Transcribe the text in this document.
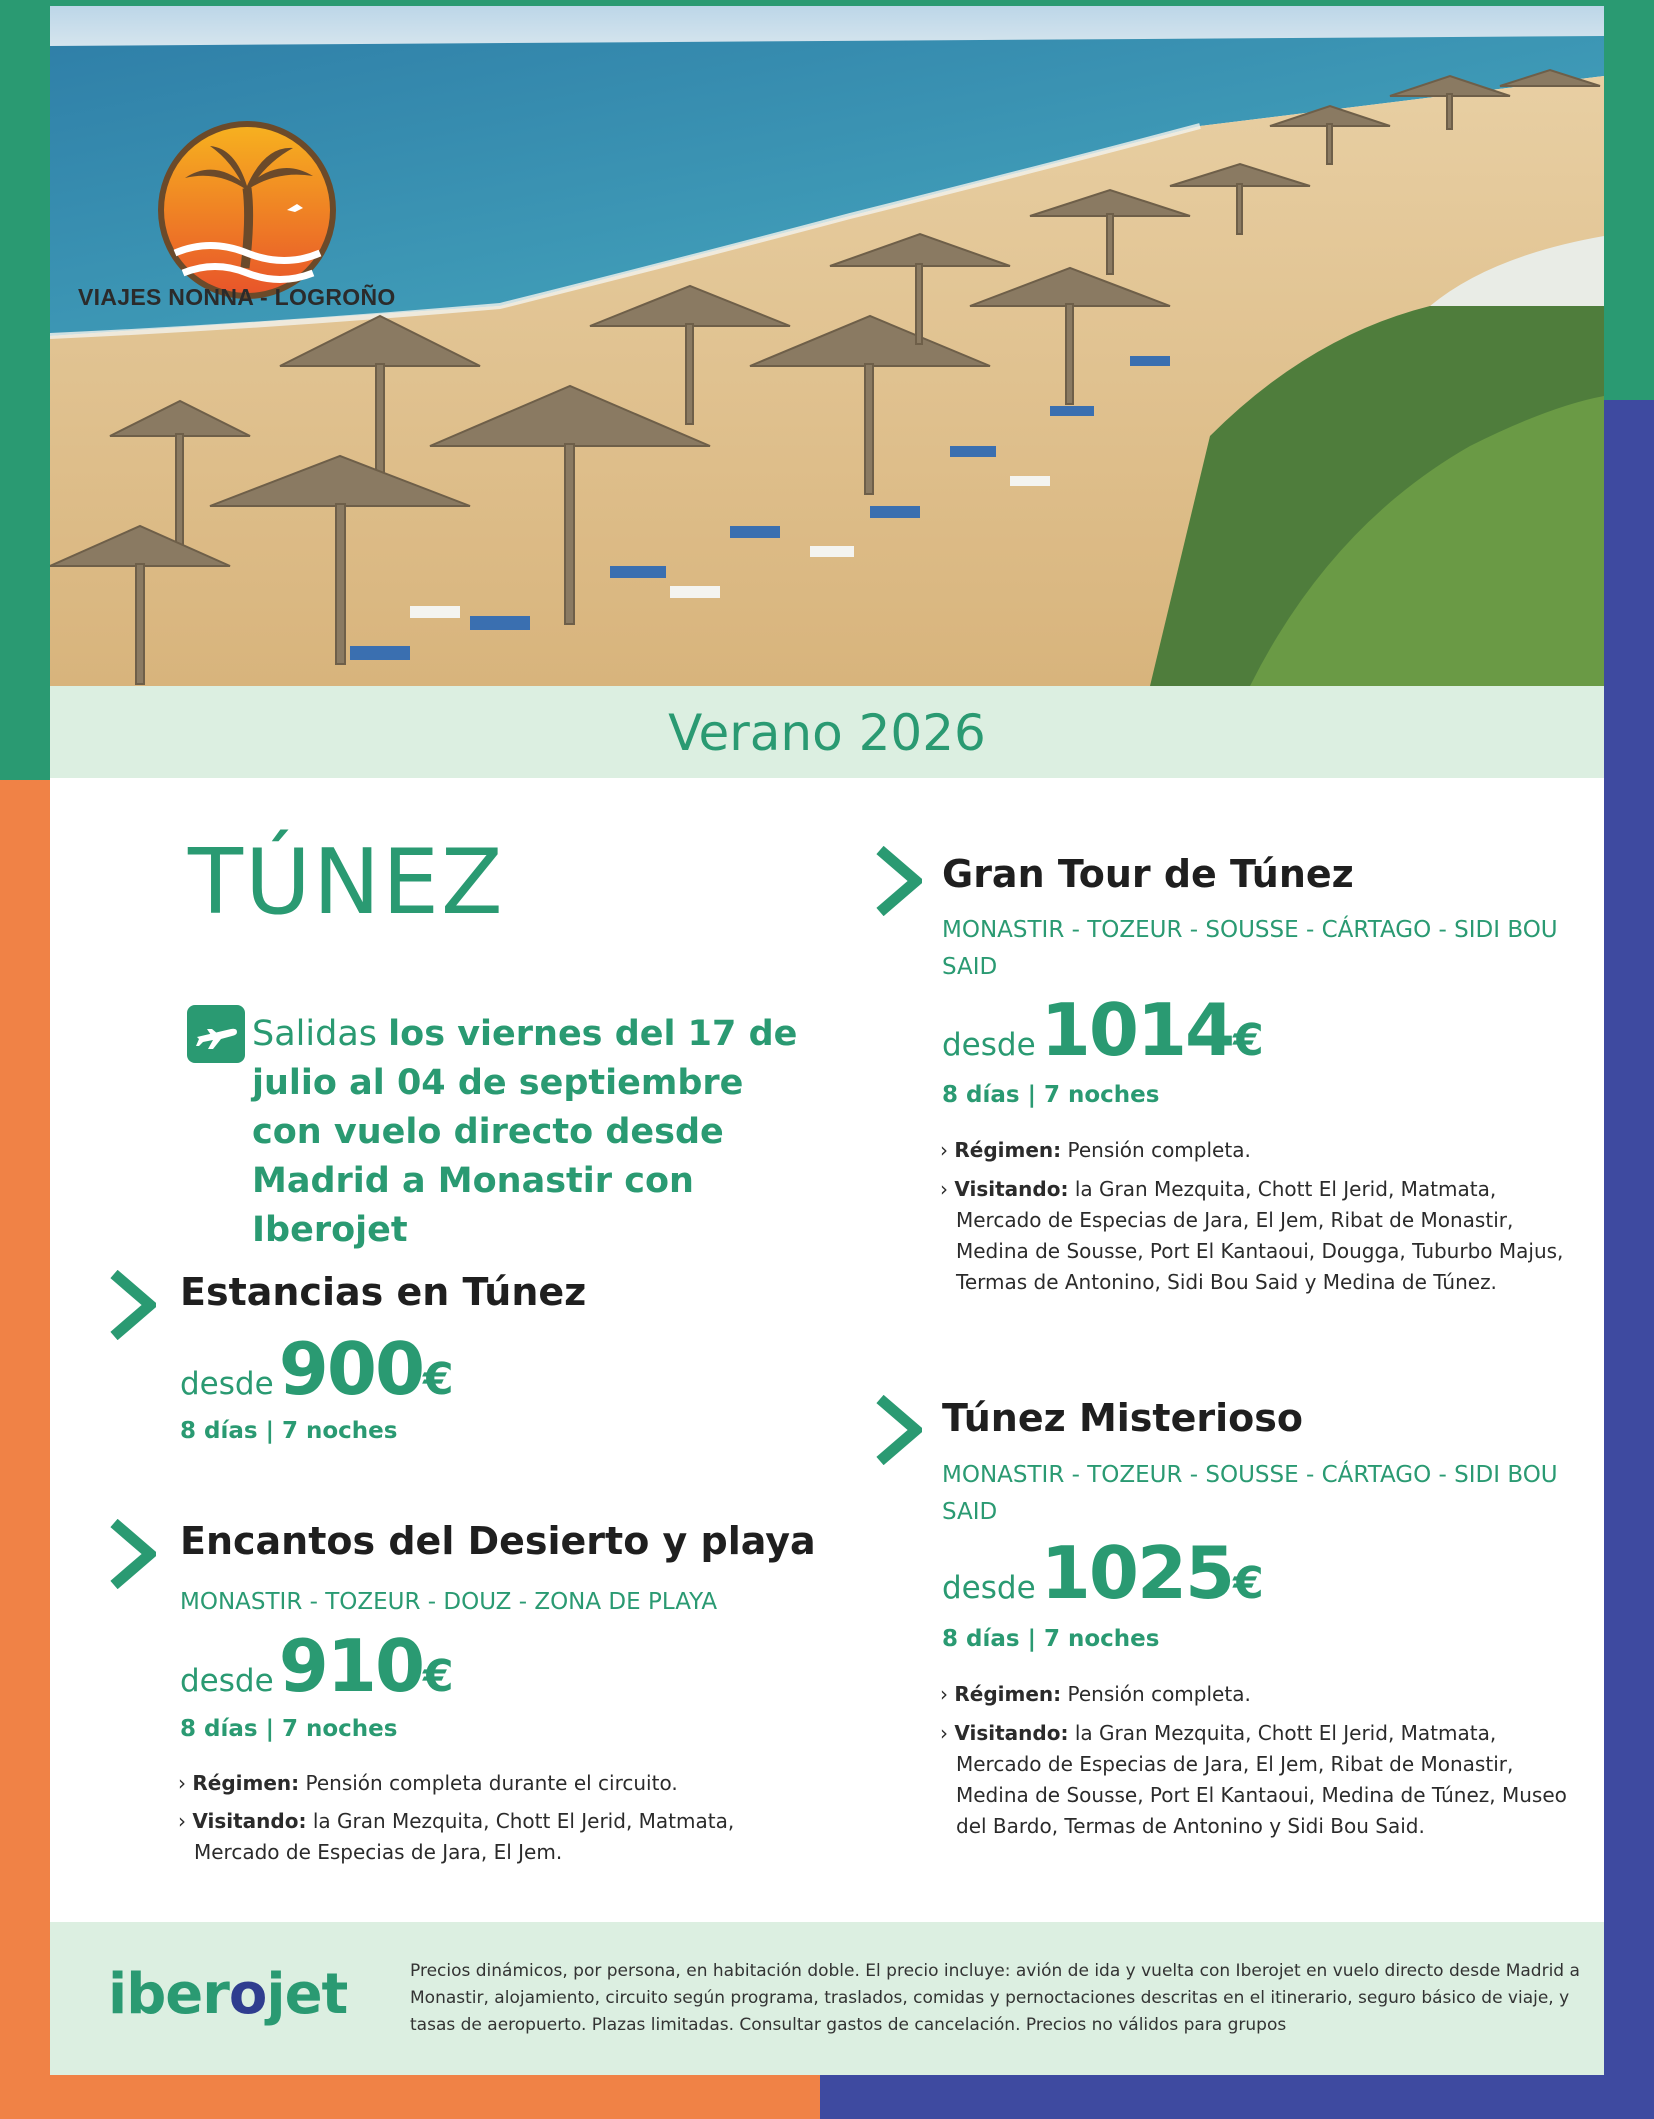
VIAJES NONNA - LOGROÑO
Verano 2026
TÚNEZ
Salidas los viernes del 17 de julio al 04 de septiembre con vuelo directo desde Madrid a Monastir con Iberojet
Estancias en Túnez
desde 900€
8 días | 7 noches
Encantos del Desierto y playa
MONASTIR - TOZEUR - DOUZ - ZONA DE PLAYA
desde 910€
8 días | 7 noches
› Régimen: Pensión completa durante el circuito.
› Visitando: la Gran Mezquita, Chott El Jerid, Matmata, Mercado de Especias de Jara, El Jem.
Gran Tour de Túnez
MONASTIR - TOZEUR - SOUSSE - CÁRTAGO - SIDI BOU SAID
desde 1014€
8 días | 7 noches
› Régimen: Pensión completa.
› Visitando: la Gran Mezquita, Chott El Jerid, Matmata, Mercado de Especias de Jara, El Jem, Ribat de Monastir, Medina de Sousse, Port El Kantaoui, Dougga, Tuburbo Majus, Termas de Antonino, Sidi Bou Said y Medina de Túnez.
Túnez Misterioso
MONASTIR - TOZEUR - SOUSSE - CÁRTAGO - SIDI BOU SAID
desde 1025€
8 días | 7 noches
› Régimen: Pensión completa.
› Visitando: la Gran Mezquita, Chott El Jerid, Matmata, Mercado de Especias de Jara, El Jem, Ribat de Monastir, Medina de Sousse, Port El Kantaoui, Medina de Túnez, Museo del Bardo, Termas de Antonino y Sidi Bou Said.
iberojet	Precios dinámicos, por persona, en habitación doble. El precio incluye: avión de ida y vuelta con Iberojet en vuelo directo desde Madrid a Monastir, alojamiento, circuito según programa, traslados, comidas y pernoctaciones descritas en el itinerario, seguro básico de viaje, y tasas de aeropuerto. Plazas limitadas. Consultar gastos de cancelación. Precios no válidos para grupos
